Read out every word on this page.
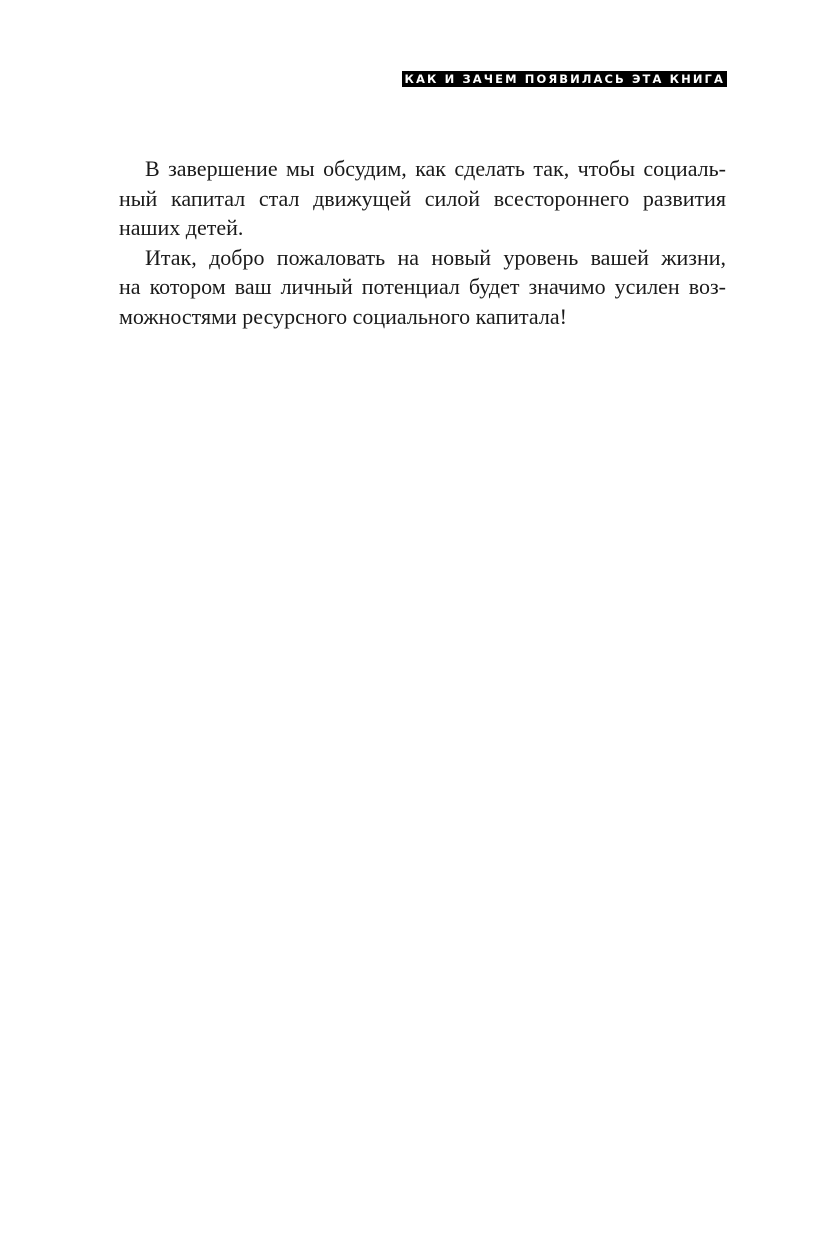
КАК И ЗАЧЕМ ПОЯВИЛАСЬ ЭТА КНИГА
В завершение мы обсудим, как сделать так, чтобы социаль-
ный капитал стал движущей силой всестороннего развития
наших детей.
Итак, добро пожаловать на новый уровень вашей жизни,
на котором ваш личный потенциал будет значимо усилен воз-
можностями ресурсного социального капитала!
